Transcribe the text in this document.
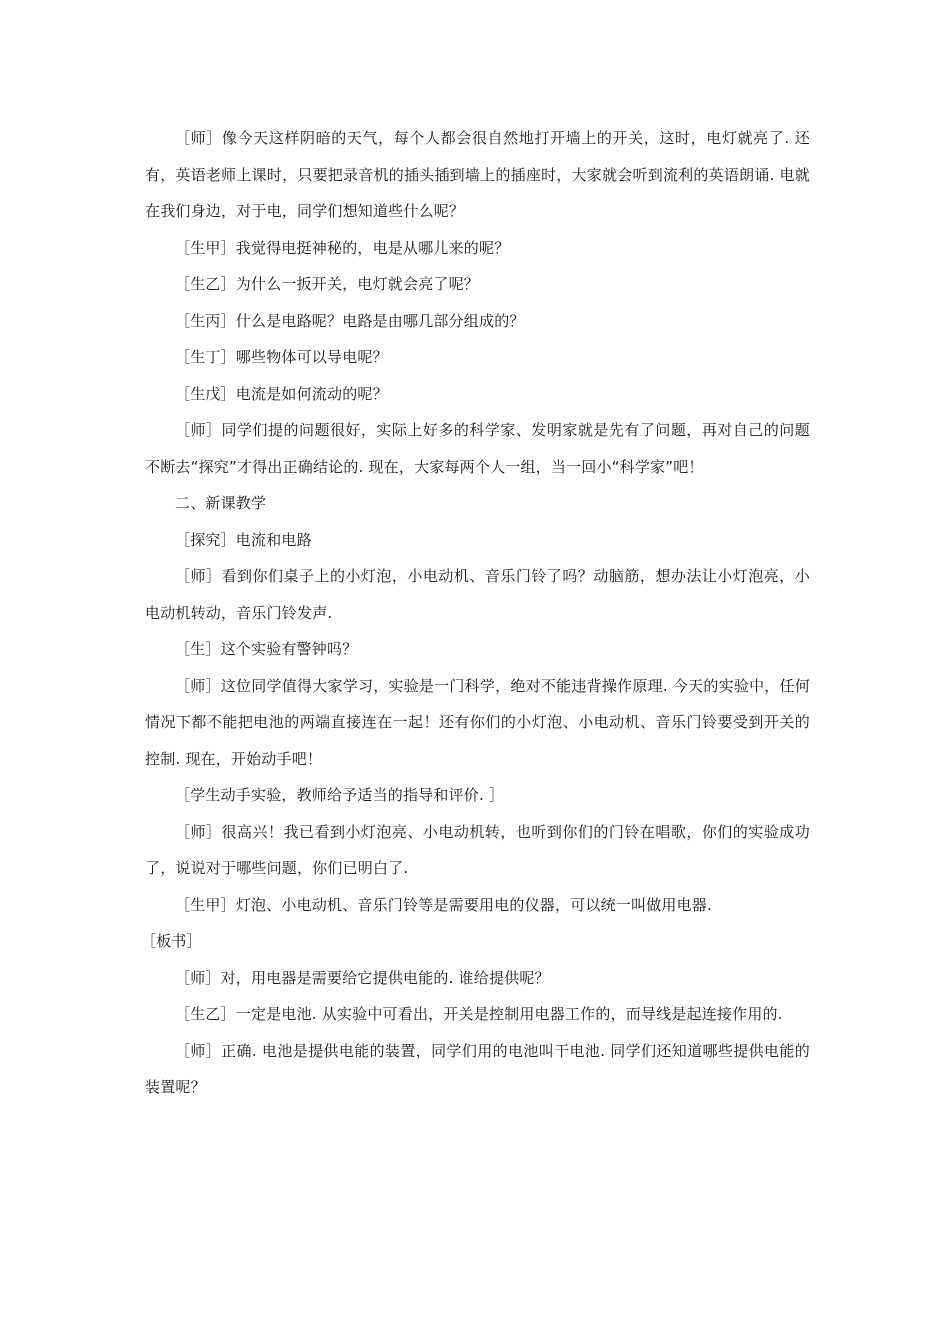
［师］像今天这样阴暗的天气，每个人都会很自然地打开墙上的开关，这时，电灯就亮了. 还有，英语老师上课时，只要把录音机的插头插到墙上的插座时，大家就会听到流利的英语朗诵. 电就在我们身边，对于电，同学们想知道些什么呢？

［生甲］我觉得电挺神秘的，电是从哪儿来的呢？

［生乙］为什么一扳开关，电灯就会亮了呢？

［生丙］什么是电路呢？电路是由哪几部分组成的？

［生丁］哪些物体可以导电呢？

［生戊］电流是如何流动的呢？

［师］同学们提的问题很好，实际上好多的科学家、发明家就是先有了问题，再对自己的问题不断去“探究”才得出正确结论的. 现在，大家每两个人一组，当一回小“科学家”吧！

二、新课教学

［探究］电流和电路

［师］看到你们桌子上的小灯泡，小电动机、音乐门铃了吗？动脑筋，想办法让小灯泡亮，小电动机转动，音乐门铃发声.

［生］这个实验有警钟吗？

［师］这位同学值得大家学习，实验是一门科学，绝对不能违背操作原理. 今天的实验中，任何情况下都不能把电池的两端直接连在一起！还有你们的小灯泡、小电动机、音乐门铃要受到开关的控制. 现在，开始动手吧！

［学生动手实验，教师给予适当的指导和评价. ］

［师］很高兴！我已看到小灯泡亮、小电动机转，也听到你们的门铃在唱歌，你们的实验成功了，说说对于哪些问题，你们已明白了.

［生甲］灯泡、小电动机、音乐门铃等是需要用电的仪器，可以统一叫做用电器.

［板书］

［师］对，用电器是需要给它提供电能的. 谁给提供呢？

［生乙］一定是电池. 从实验中可看出，开关是控制用电器工作的，而导线是起连接作用的.

［师］正确. 电池是提供电能的装置，同学们用的电池叫干电池. 同学们还知道哪些提供电能的装置呢？
